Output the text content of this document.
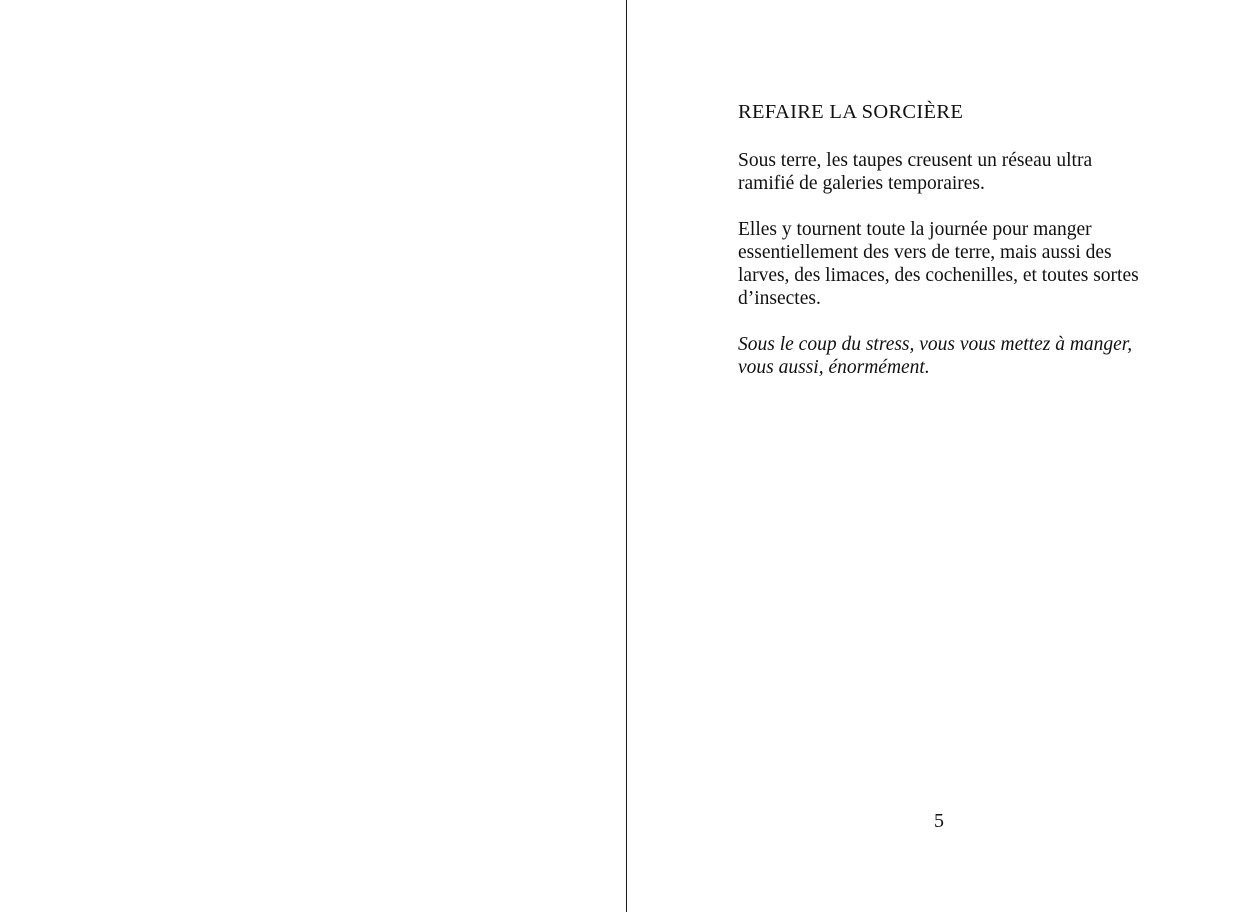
REFAIRE LA SORCIÈRE

Sous terre, les taupes creusent un réseau ultra
ramifié de galeries temporaires.

Elles y tournent toute la journée pour manger
essentiellement des vers de terre, mais aussi des
larves, des limaces, des cochenilles, et toutes sortes
d’insectes.

Sous le coup du stress, vous vous mettez à manger,
vous aussi, énormément.

5
